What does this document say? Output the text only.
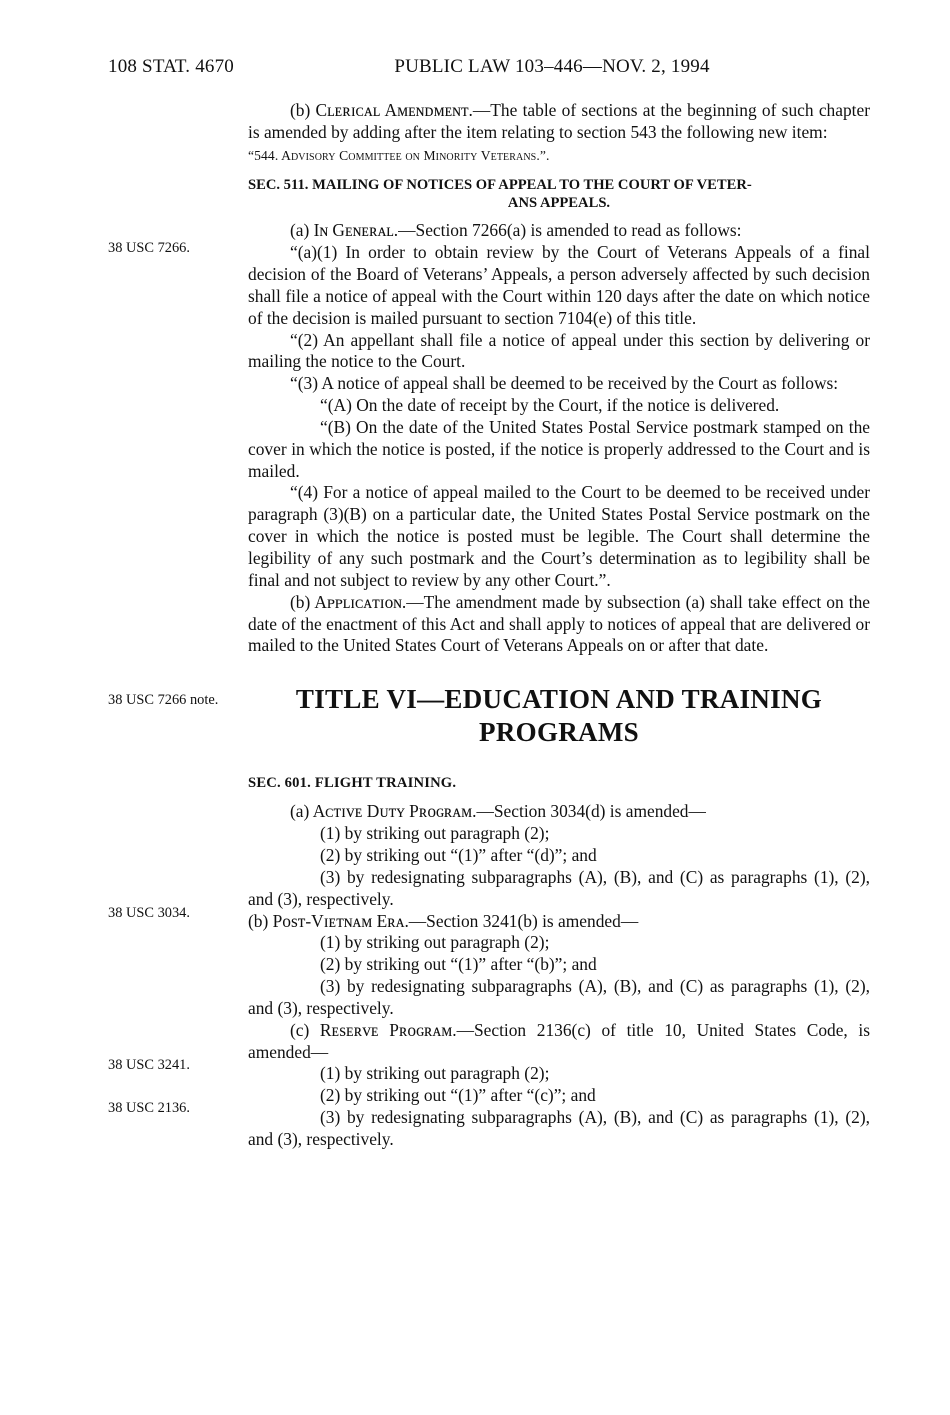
108 STAT. 4670	PUBLIC LAW 103–446—NOV. 2, 1994
38 USC 7266.
38 USC 7266 note.
38 USC 3034.
38 USC 3241.
38 USC 2136.

(b) Cʟᴇʀɪᴄᴀʟ Aᴍᴇɴᴅᴍᴇɴᴛ.—The table of sections at the beginning of such chapter is amended by adding after the item relating to section 543 the following new item:

“544. Advisory Committee on Minority Veterans.”.

SEC. 511. MAILING OF NOTICES OF APPEAL TO THE COURT OF VETER-
ANS APPEALS.

(a) Iɴ Gᴇɴᴇʀᴀʟ.—Section 7266(a) is amended to read as follows:

“(a)(1) In order to obtain review by the Court of Veterans Appeals of a final decision of the Board of Veterans’ Appeals, a person adversely affected by such decision shall file a notice of appeal with the Court within 120 days after the date on which notice of the decision is mailed pursuant to section 7104(e) of this title.

“(2) An appellant shall file a notice of appeal under this section by delivering or mailing the notice to the Court.

“(3) A notice of appeal shall be deemed to be received by the Court as follows:

“(A) On the date of receipt by the Court, if the notice is delivered.

“(B) On the date of the United States Postal Service postmark stamped on the cover in which the notice is posted, if the notice is properly addressed to the Court and is mailed.

“(4) For a notice of appeal mailed to the Court to be deemed to be received under paragraph (3)(B) on a particular date, the United States Postal Service postmark on the cover in which the notice is posted must be legible. The Court shall determine the legibility of any such postmark and the Court’s determination as to legibility shall be final and not subject to review by any other Court.”.

(b) Aᴘᴘʟɪᴄᴀᴛɪᴏɴ.—The amendment made by subsection (a) shall take effect on the date of the enactment of this Act and shall apply to notices of appeal that are delivered or mailed to the United States Court of Veterans Appeals on or after that date.

TITLE VI—EDUCATION AND TRAINING
PROGRAMS

SEC. 601. FLIGHT TRAINING.

(a) Aᴄᴛɪᴠᴇ Dᴜᴛʏ Pʀᴏɢʀᴀᴍ.—Section 3034(d) is amended—

(1) by striking out paragraph (2);

(2) by striking out “(1)” after “(d)”; and

(3) by redesignating subparagraphs (A), (B), and (C) as paragraphs (1), (2), and (3), respectively.

(b) Pᴏsᴛ-Vɪᴇᴛɴᴀᴍ Eʀᴀ.—Section 3241(b) is amended—

(1) by striking out paragraph (2);

(2) by striking out “(1)” after “(b)”; and

(3) by redesignating subparagraphs (A), (B), and (C) as paragraphs (1), (2), and (3), respectively.

(c) Rᴇsᴇʀᴠᴇ Pʀᴏɢʀᴀᴍ.—Section 2136(c) of title 10, United States Code, is amended—

(1) by striking out paragraph (2);

(2) by striking out “(1)” after “(c)”; and

(3) by redesignating subparagraphs (A), (B), and (C) as paragraphs (1), (2), and (3), respectively.
